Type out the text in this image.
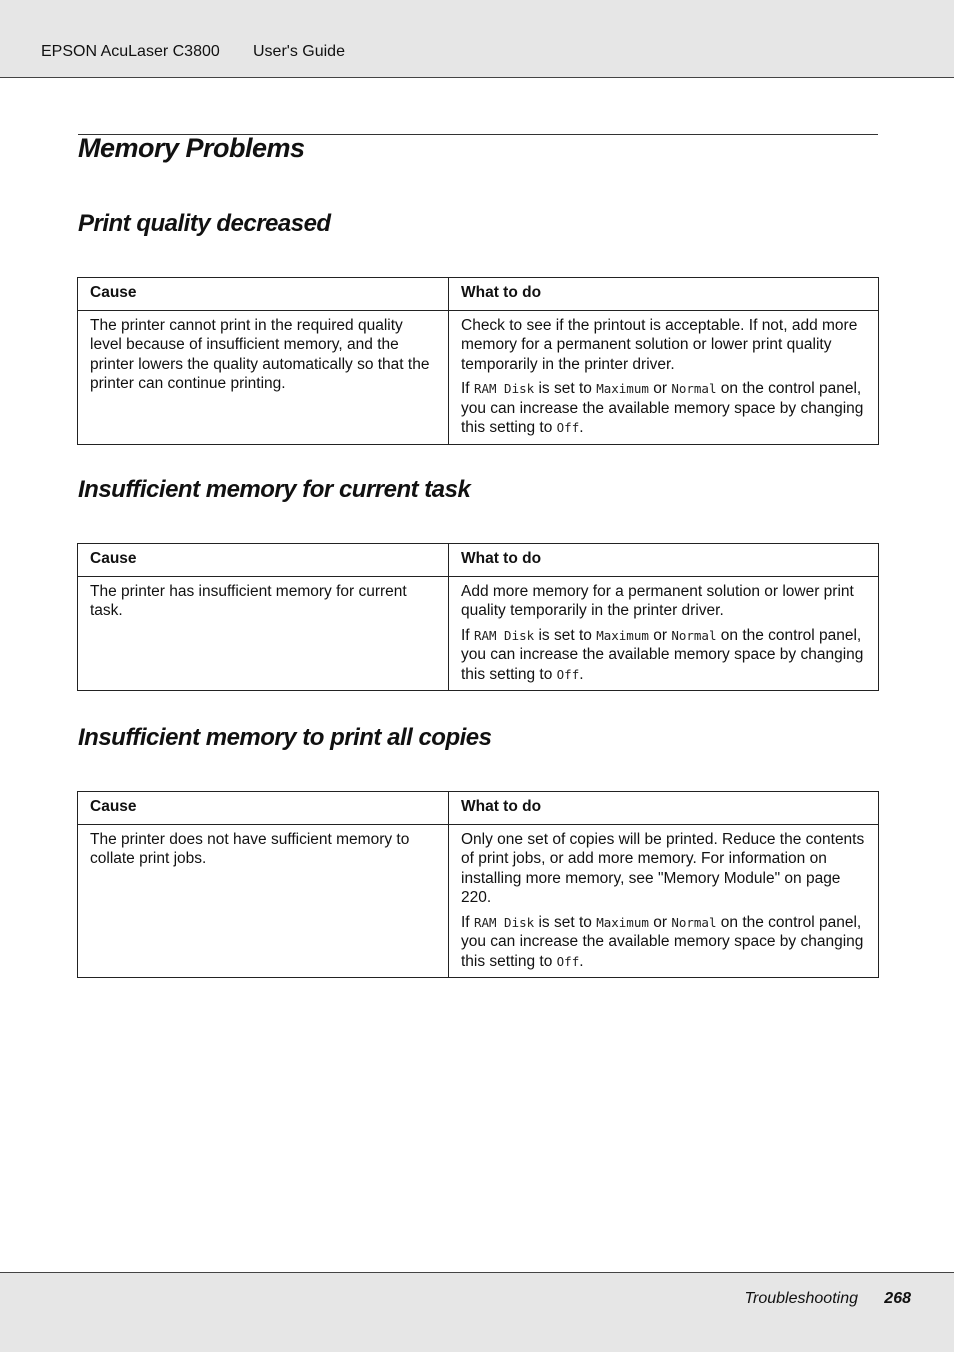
EPSON AcuLaser C3800 User's Guide
Memory Problems
Print quality decreased
Cause	What to do

The printer cannot print in the required quality level because of insufficient memory, and the printer lowers the quality automatically so that the printer can continue printing.	Check to see if the printout is acceptable. If not, add more memory for a permanent solution or lower print quality temporarily in the printer driver.

If RAM Disk is set to Maximum or Normal on the control panel, you can increase the available memory space by changing this setting to Off.

Insufficient memory for current task
Cause	What to do

The printer has insufficient memory for current task.	Add more memory for a permanent solution or lower print quality temporarily in the printer driver.

If RAM Disk is set to Maximum or Normal on the control panel, you can increase the available memory space by changing this setting to Off.

Insufficient memory to print all copies
Cause	What to do

The printer does not have sufficient memory to collate print jobs.	Only one set of copies will be printed. Reduce the contents of print jobs, or add more memory. For information on installing more memory, see "Memory Module" on page 220.

If RAM Disk is set to Maximum or Normal on the control panel, you can increase the available memory space by changing this setting to Off.

Troubleshooting 268
